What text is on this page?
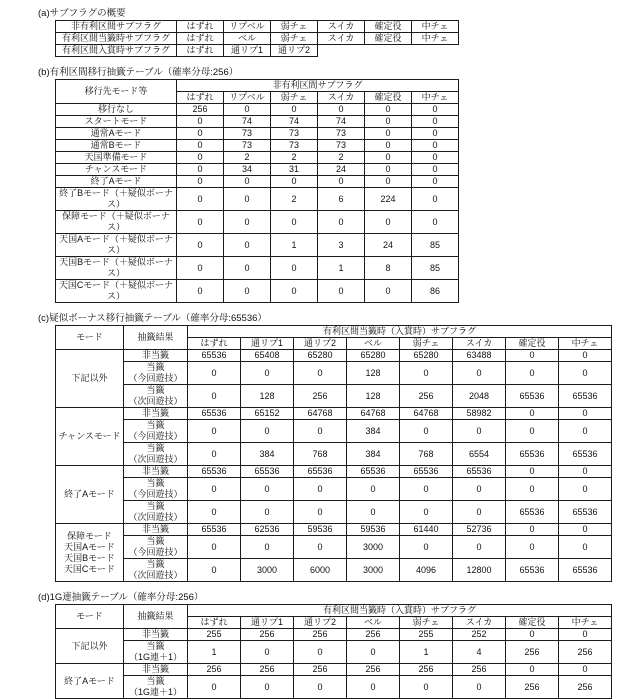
(a)サブフラグの概要
非有利区間サブフラグ	はずれ	リプベル	弱チェ	スイカ	確定役	中チェ
有利区間当籤時サブフラグ	はずれ	ベル	弱チェ	スイカ	確定役	中チェ
有利区間入賞時サブフラグ	はずれ	通リプ1	通リプ2			
(b)有利区間移行抽籤テーブル（確率分母:256）
移行先モード等	非有利区間サブフラグ					
	はずれ	リプベル	弱チェ	スイカ	確定役	中チェ
移行なし	256	0	0	0	0	0
スタートモード	0	74	74	74	0	0
通常Aモード	0	73	73	73	0	0
通常Bモード	0	73	73	73	0	0
天国準備モード	0	2	2	2	0	0
チャンスモード	0	34	31	24	0	0
終了Aモード	0	0	0	0	0	0
終了Bモード（＋疑似ボーナス）	0	0	2	6	224	0
保障モード（＋疑似ボーナス）	0	0	0	0	0	0
天国Aモード（＋疑似ボーナス）	0	0	1	3	24	85
天国Bモード（＋疑似ボーナス）	0	0	0	1	8	85
天国Cモード（＋疑似ボーナス）	0	0	0	0	0	86
(c)疑似ボーナス移行抽籤テーブル（確率分母:65536）
モード	抽籤結果	有利区間当籤時（入賞時）サブフラグ							
		はずれ	通リプ1	通リプ2	ベル	弱チェ	スイカ	確定役	中チェ
下記以外	非当籤	65536	65408	65280	65280	65280	63488	0	0
	当籤
（今回遊技）	0	0	0	128	0	0	0	0
	当籤
（次回遊技）	0	128	256	128	256	2048	65536	65536
チャンスモード	非当籤	65536	65152	64768	64768	64768	58982	0	0
	当籤
（今回遊技）	0	0	0	384	0	0	0	0
	当籤
（次回遊技）	0	384	768	384	768	6554	65536	65536
終了Aモード	非当籤	65536	65536	65536	65536	65536	65536	0	0
	当籤
（今回遊技）	0	0	0	0	0	0	0	0
	当籤
（次回遊技）	0	0	0	0	0	0	65536	65536
保障モード
天国Aモード
天国Bモード
天国Cモード	非当籤	65536	62536	59536	59536	61440	52736	0	0
	当籤
（今回遊技）	0	0	0	3000	0	0	0	0
	当籤
（次回遊技）	0	3000	6000	3000	4096	12800	65536	65536
(d)1G連抽籤テーブル（確率分母:256）
モード	抽籤結果	有利区間当籤時（入賞時）サブフラグ							
		はずれ	通リプ1	通リプ2	ベル	弱チェ	スイカ	確定役	中チェ
下記以外	非当籤	255	256	256	256	255	252	0	0
	当籤
（1G連＋1）	1	0	0	0	1	4	256	256
終了Aモード	非当籤	256	256	256	256	256	256	0	0
	当籤
（1G連＋1）	0	0	0	0	0	0	256	256
